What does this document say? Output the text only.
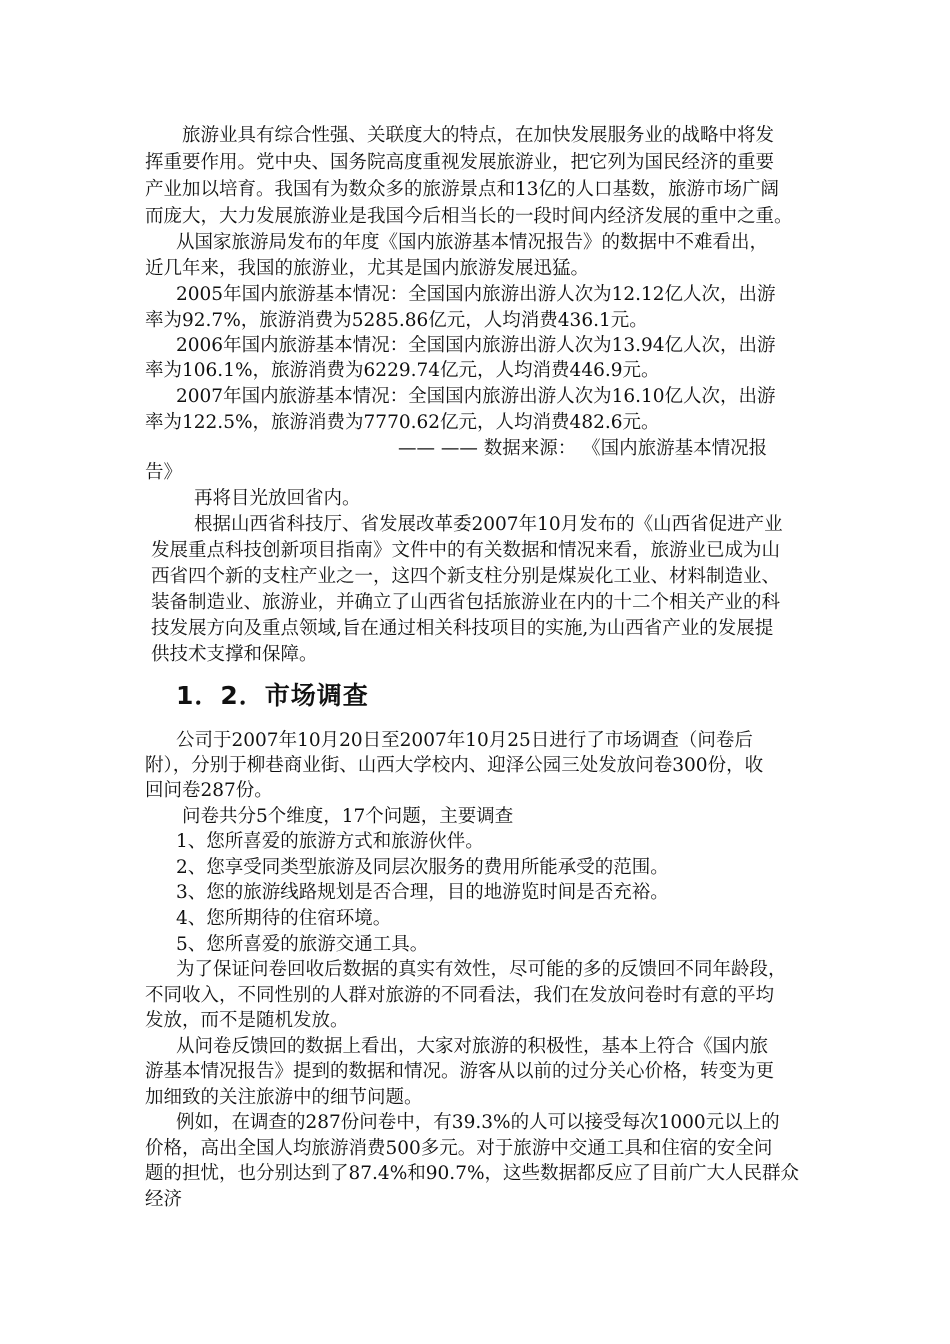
旅游业具有综合性强、关联度大的特点，在加快发展服务业的战略中将发
挥重要作用。党中央、国务院高度重视发展旅游业，把它列为国民经济的重要
产业加以培育。我国有为数众多的旅游景点和13亿的人口基数，旅游市场广阔
而庞大，大力发展旅游业是我国今后相当长的一段时间内经济发展的重中之重。
从国家旅游局发布的年度《国内旅游基本情况报告》的数据中不难看出，
近几年来，我国的旅游业，尤其是国内旅游发展迅猛。
2005年国内旅游基本情况：全国国内旅游出游人次为12.12亿人次，出游
率为92.7%，旅游消费为5285.86亿元，人均消费436.1元。
2006年国内旅游基本情况：全国国内旅游出游人次为13.94亿人次，出游
率为106.1%，旅游消费为6229.74亿元，人均消费446.9元。
2007年国内旅游基本情况：全国国内旅游出游人次为16.10亿人次，出游
率为122.5%，旅游消费为7770.62亿元，人均消费482.6元。
—— —— 数据来源： 《国内旅游基本情况报
告》
再将目光放回省内。
根据山西省科技厅、省发展改革委2007年10月发布的《山西省促进产业
发展重点科技创新项目指南》文件中的有关数据和情况来看，旅游业已成为山
西省四个新的支柱产业之一，这四个新支柱分别是煤炭化工业、材料制造业、
装备制造业、旅游业，并确立了山西省包括旅游业在内的十二个相关产业的科
技发展方向及重点领域,旨在通过相关科技项目的实施,为山西省产业的发展提
供技术支撑和保障。
1．2．市场调查
公司于2007年10月20日至2007年10月25日进行了市场调查（问卷后
附），分别于柳巷商业街、山西大学校内、迎泽公园三处发放问卷300份，收
回问卷287份。
问卷共分5个维度，17个问题，主要调查
1、您所喜爱的旅游方式和旅游伙伴。
2、您享受同类型旅游及同层次服务的费用所能承受的范围。
3、您的旅游线路规划是否合理，目的地游览时间是否充裕。
4、您所期待的住宿环境。
5、您所喜爱的旅游交通工具。
为了保证问卷回收后数据的真实有效性，尽可能的多的反馈回不同年龄段，
不同收入，不同性别的人群对旅游的不同看法，我们在发放问卷时有意的平均
发放，而不是随机发放。
从问卷反馈回的数据上看出，大家对旅游的积极性，基本上符合《国内旅
游基本情况报告》提到的数据和情况。游客从以前的过分关心价格，转变为更
加细致的关注旅游中的细节问题。
例如，在调查的287份问卷中，有39.3%的人可以接受每次1000元以上的
价格，高出全国人均旅游消费500多元。对于旅游中交通工具和住宿的安全问
题的担忧，也分别达到了87.4%和90.7%，这些数据都反应了目前广大人民群众
经济
